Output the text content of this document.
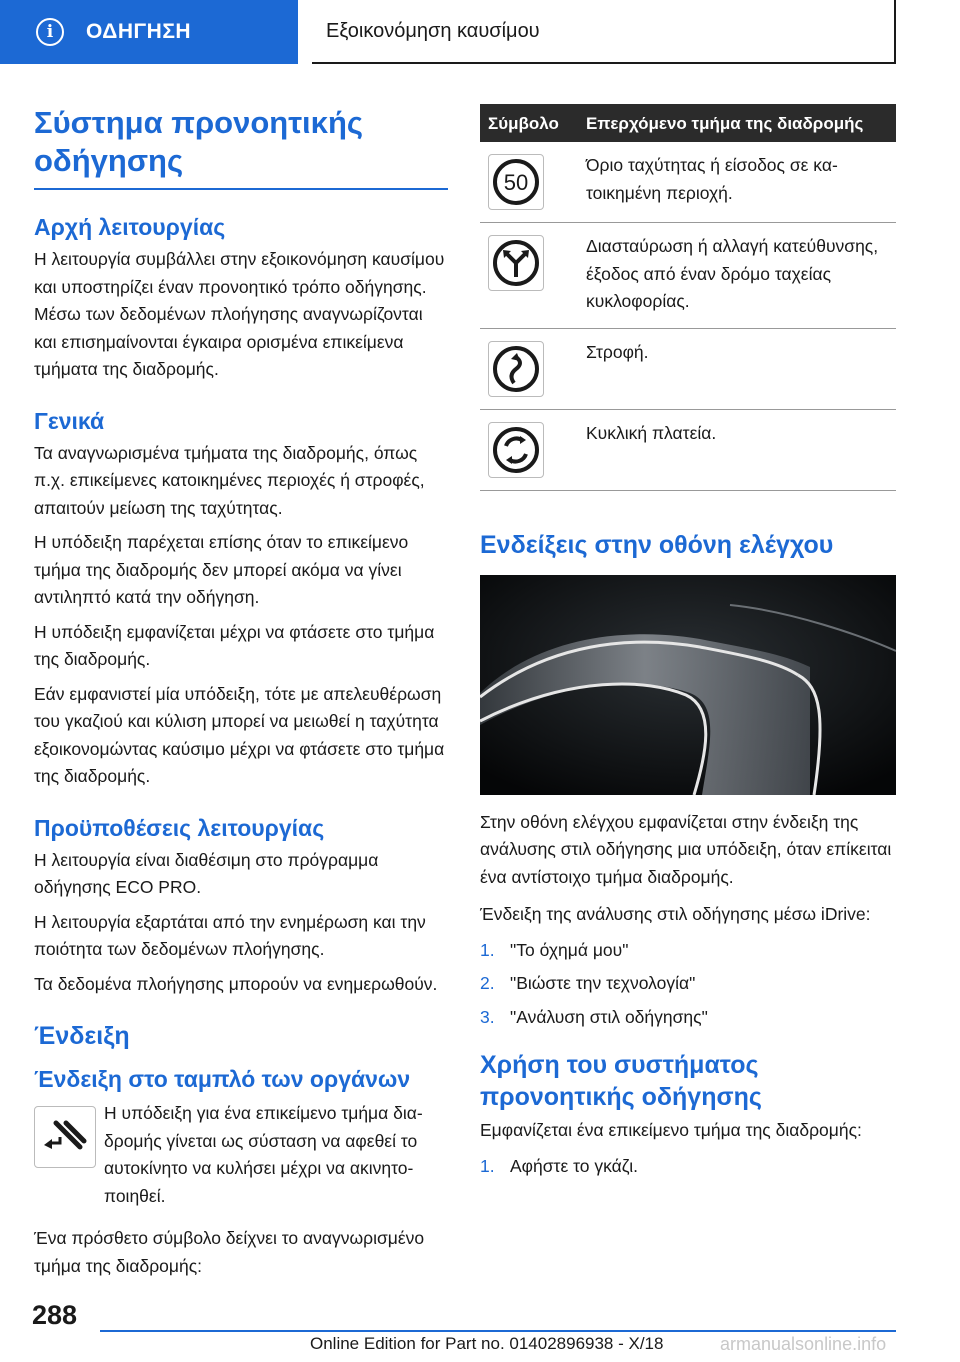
i	ΟΔΗΓΗΣΗ	Εξοικονόμηση καυσίμου
Σύστημα προνοητικής οδήγησης
Αρχή λειτουργίας

Η λειτουργία συμβάλλει στην εξοικονόμηση καυσίμου και υποστηρίζει έναν προνοητικό τρόπο οδήγησης. Μέσω των δεδομένων πλοήγησης αναγνωρίζονται και επισημαίνονται έγκαιρα ορισμένα επικείμενα τμήματα της διαδρομής.

Γενικά

Τα αναγνωρισμένα τμήματα της διαδρομής, όπως π.χ. επικείμενες κατοικημένες περιοχές ή στροφές, απαιτούν μείωση της ταχύτητας.

Η υπόδειξη παρέχεται επίσης όταν το επικείμενο τμήμα της διαδρομής δεν μπορεί ακόμα να γίνει αντιληπτό κατά την οδήγηση.

Η υπόδειξη εμφανίζεται μέχρι να φτάσετε στο τμήμα της διαδρομής.

Εάν εμφανιστεί μία υπόδειξη, τότε με απελευθέρωση του γκαζιού και κύλιση μπορεί να μειωθεί η ταχύτητα εξοικονομώντας καύσιμο μέχρι να φτάσετε στο τμήμα της διαδρομής.

Προϋποθέσεις λειτουργίας

Η λειτουργία είναι διαθέσιμη στο πρόγραμμα οδήγησης ECO PRO.

Η λειτουργία εξαρτάται από την ενημέρωση και την ποιότητα των δεδομένων πλοήγησης.

Τα δεδομένα πλοήγησης μπορούν να ενημερωθούν.

Ένδειξη
Ένδειξη στο ταμπλό των οργάνων

Η υπόδειξη για ένα επικείμενο τμήμα διαδρομής γίνεται ως σύσταση να αφεθεί το αυτοκίνητο να κυλήσει μέχρι να ακινητοποιηθεί.

Ένα πρόσθετο σύμβολο δείχνει το αναγνωρισμένο τμήμα της διαδρομής:

Σύμβολο	Επερχόμενο τμήμα της διαδρομής

50	Όριο ταχύτητας ή είσοδος σε κατοικημένη περιοχή.

	Διασταύρωση ή αλλαγή κατεύθυνσης, έξοδος από έναν δρόμο ταχείας κυκλοφορίας.

	Στροφή.

	Κυκλική πλατεία.
Ενδείξεις στην οθόνη ελέγχου

Στην οθόνη ελέγχου εμφανίζεται στην ένδειξη της ανάλυσης στιλ οδήγησης μια υπόδειξη, όταν επίκειται ένα αντίστοιχο τμήμα διαδρομής.

Ένδειξη της ανάλυσης στιλ οδήγησης μέσω iDrive:

1. "Το όχημά μου"
2. "Βιώστε την τεχνολογία"
3. "Ανάλυση στιλ οδήγησης"
Χρήση του συστήματος προνοητικής οδήγησης

Εμφανίζεται ένα επικείμενο τμήμα της διαδρομής:

1. Αφήστε το γκάζι.
288
Online Edition for Part no. 01402896938 - X/18	armanualsonline.info
